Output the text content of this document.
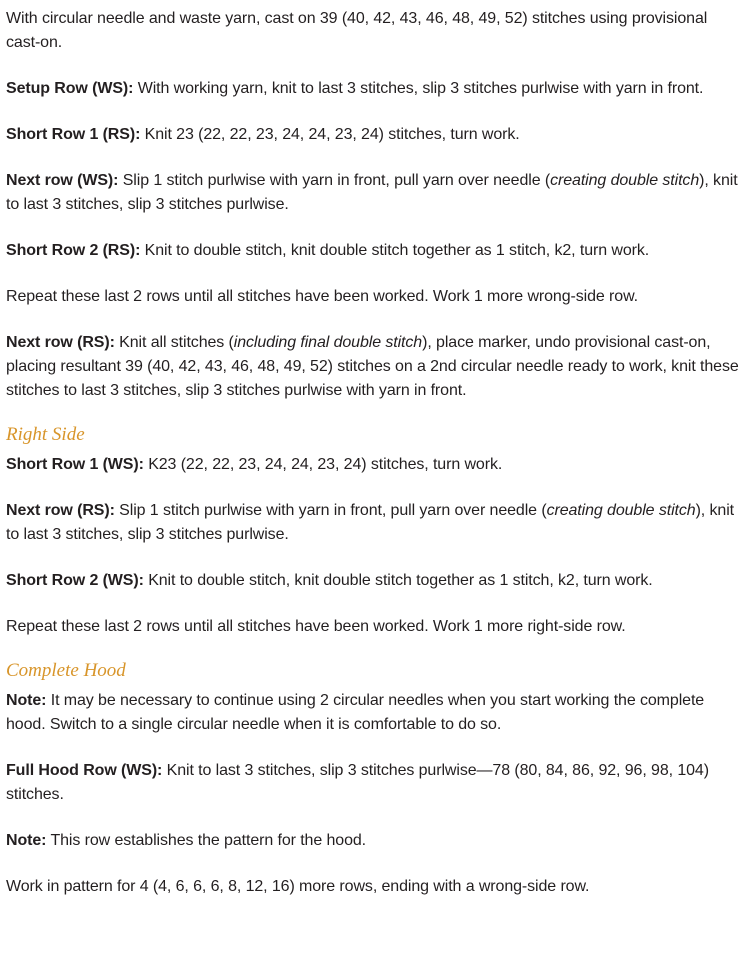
With circular needle and waste yarn, cast on 39 (40, 42, 43, 46, 48, 49, 52) stitches using provisional cast-on.

Setup Row (WS): With working yarn, knit to last 3 stitches, slip 3 stitches purlwise with yarn in front.

Short Row 1 (RS): Knit 23 (22, 22, 23, 24, 24, 23, 24) stitches, turn work.

Next row (WS): Slip 1 stitch purlwise with yarn in front, pull yarn over needle (creating double stitch), knit to last 3 stitches, slip 3 stitches purlwise.

Short Row 2 (RS): Knit to double stitch, knit double stitch together as 1 stitch, k2, turn work.

Repeat these last 2 rows until all stitches have been worked. Work 1 more wrong-side row.

Next row (RS): Knit all stitches (including final double stitch), place marker, undo provisional cast-on, placing resultant 39 (40, 42, 43, 46, 48, 49, 52) stitches on a 2nd circular needle ready to work, knit these stitches to last 3 stitches, slip 3 stitches purlwise with yarn in front.

Right Side

Short Row 1 (WS): K23 (22, 22, 23, 24, 24, 23, 24) stitches, turn work.

Next row (RS): Slip 1 stitch purlwise with yarn in front, pull yarn over needle (creating double stitch), knit to last 3 stitches, slip 3 stitches purlwise.

Short Row 2 (WS): Knit to double stitch, knit double stitch together as 1 stitch, k2, turn work.

Repeat these last 2 rows until all stitches have been worked. Work 1 more right-side row.

Complete Hood

Note: It may be necessary to continue using 2 circular needles when you start working the complete hood. Switch to a single circular needle when it is comfortable to do so.

Full Hood Row (WS): Knit to last 3 stitches, slip 3 stitches purlwise—78 (80, 84, 86, 92, 96, 98, 104) stitches.

Note: This row establishes the pattern for the hood.

Work in pattern for 4 (4, 6, 6, 6, 8, 12, 16) more rows, ending with a wrong-side row.
